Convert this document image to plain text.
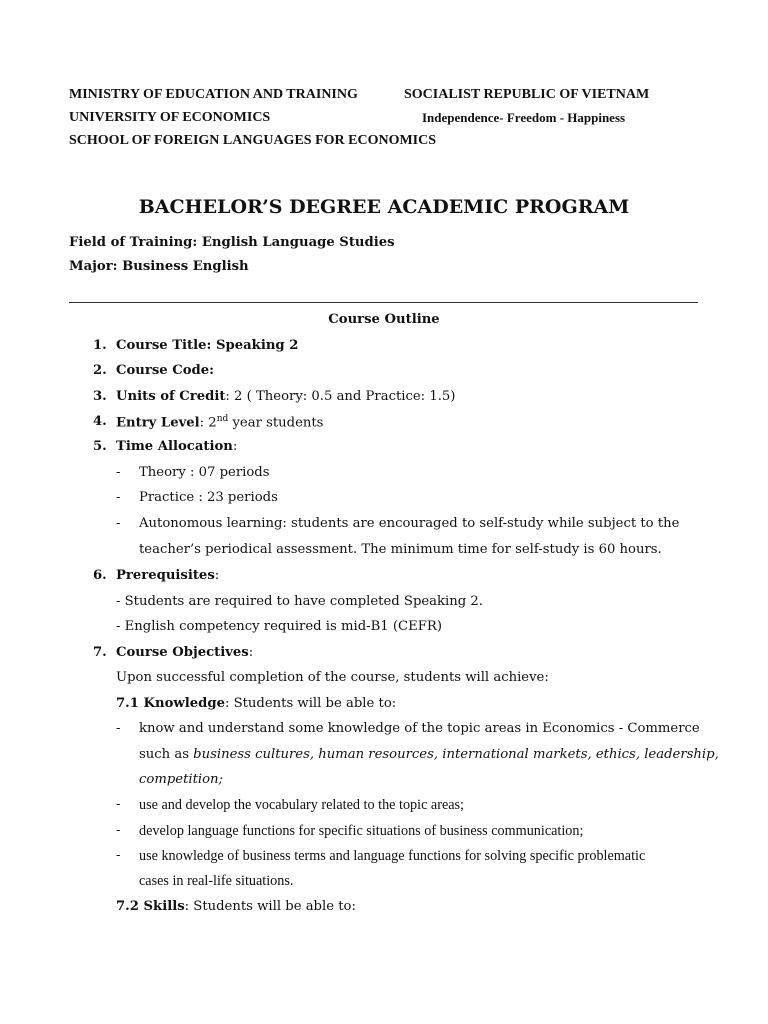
MINISTRY OF EDUCATION AND TRAINING
UNIVERSITY OF ECONOMICS
SCHOOL OF FOREIGN LANGUAGES FOR ECONOMICS
SOCIALIST REPUBLIC OF VIETNAM
Independence- Freedom - Happiness
BACHELOR’S DEGREE ACADEMIC PROGRAM
Field of Training: English Language Studies
Major: Business English
Course Outline
1. Course Title: Speaking 2
2. Course Code:
3. Units of Credit: 2 ( Theory: 0.5 and Practice: 1.5)
4. Entry Level: 2nd year students
5. Time Allocation:
- Theory : 07 periods
- Practice : 23 periods
- Autonomous learning: students are encouraged to self-study while subject to the
teacher’s periodical assessment. The minimum time for self-study is 60 hours.
6. Prerequisites:
- Students are required to have completed Speaking 2.
- English competency required is mid-B1 (CEFR)
7. Course Objectives:
Upon successful completion of the course, students will achieve:
7.1 Knowledge: Students will be able to:
- know and understand some knowledge of the topic areas in Economics - Commerce
such as business cultures, human resources, international markets, ethics, leadership,
competition;
- use and develop the vocabulary related to the topic areas;
- develop language functions for specific situations of business communication;
- use knowledge of business terms and language functions for solving specific problematic
cases in real-life situations.
7.2 Skills: Students will be able to:
